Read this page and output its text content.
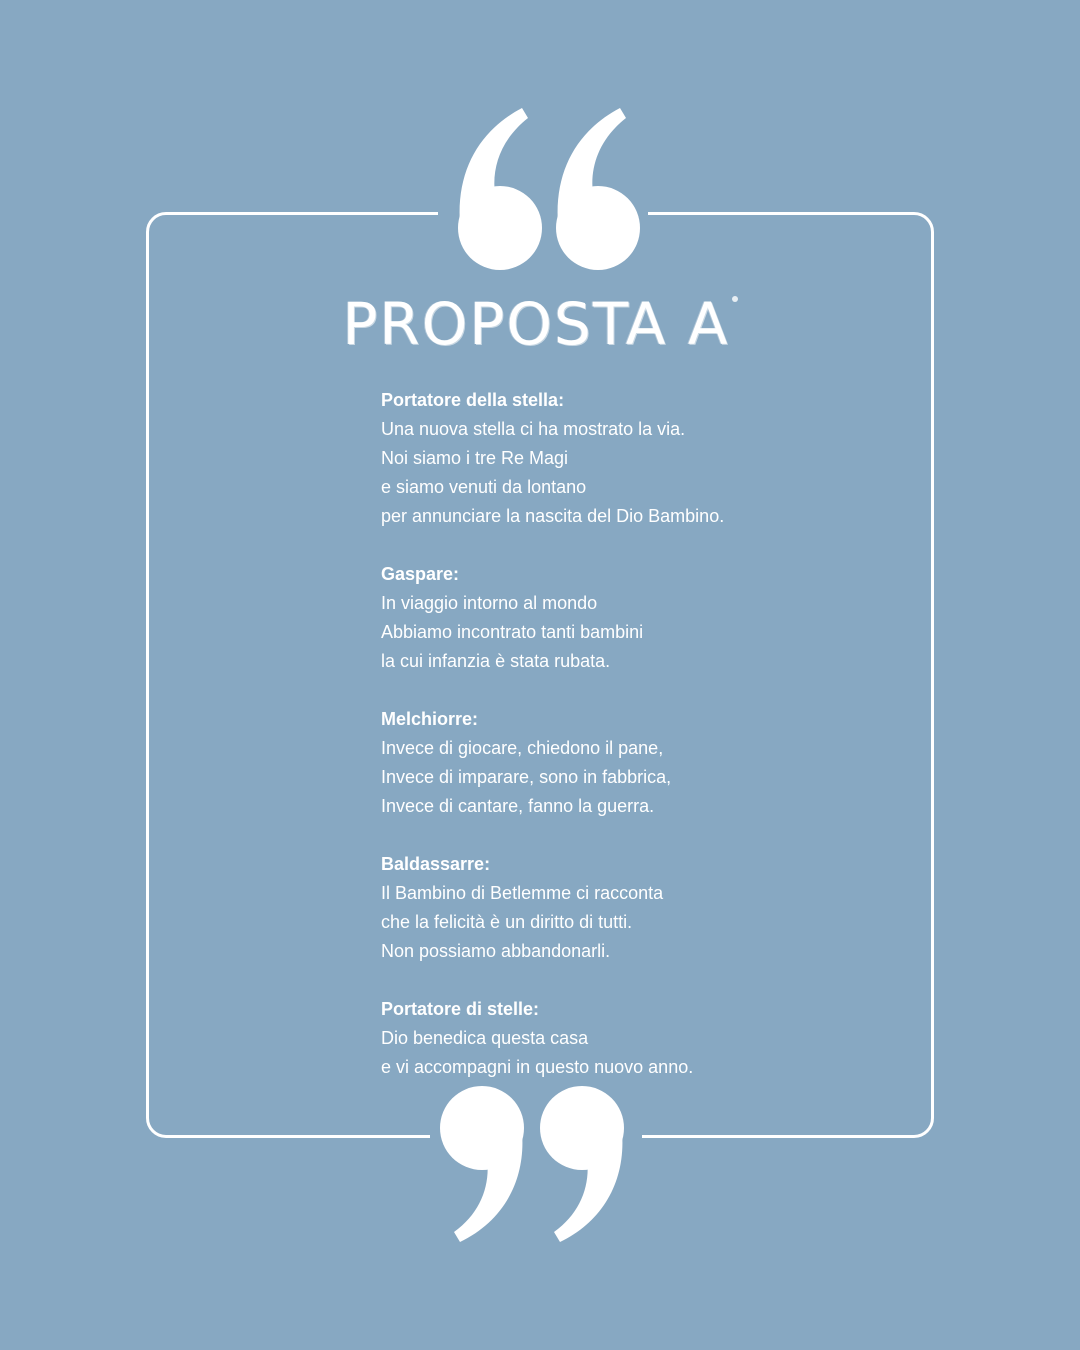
PROPOSTA A
Portatore della stella:
Una nuova stella ci ha mostrato la via.
Noi siamo i tre Re Magi
e siamo venuti da lontano
per annunciare la nascita del Dio Bambino.
Gaspare:
In viaggio intorno al mondo
Abbiamo incontrato tanti bambini
la cui infanzia è stata rubata.
Melchiorre:
Invece di giocare, chiedono il pane,
Invece di imparare, sono in fabbrica,
Invece di cantare, fanno la guerra.
Baldassarre:
Il Bambino di Betlemme ci racconta
che la felicità è un diritto di tutti.
Non possiamo abbandonarli.
Portatore di stelle:
Dio benedica questa casa
e vi accompagni in questo nuovo anno.
